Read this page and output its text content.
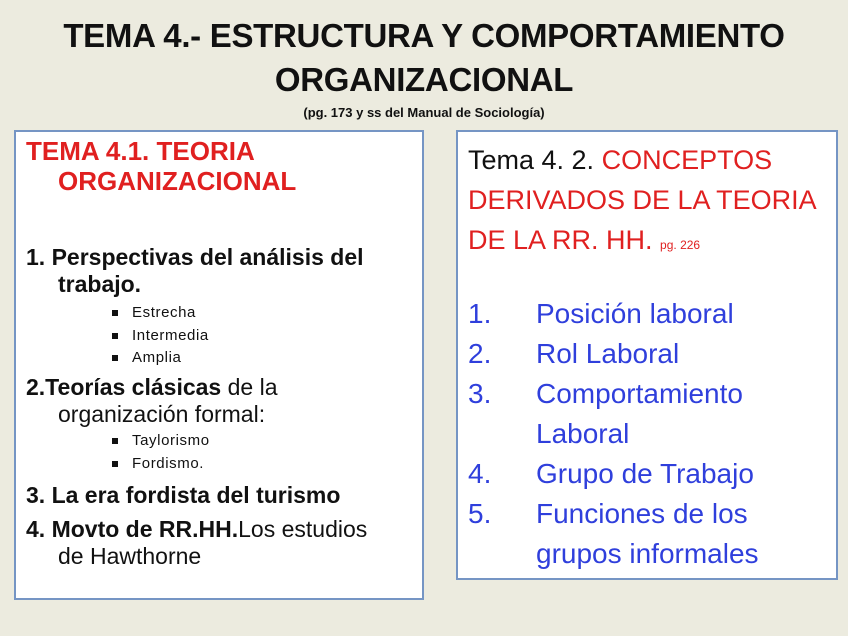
TEMA 4.- ESTRUCTURA Y COMPORTAMIENTO
ORGANIZACIONAL
(pg. 173 y ss del Manual de Sociología)
TEMA 4.1. TEORIA
ORGANIZACIONAL
1. Perspectivas del análisis del
trabajo.
Estrecha
Intermedia
Amplia
2.Teorías clásicas de la
organización formal:
Taylorismo
Fordismo.
3. La era fordista del turismo
4. Movto de RR.HH.Los estudios
de Hawthorne
Tema 4. 2. CONCEPTOS
DERIVADOS DE LA TEORIA
DE LA RR. HH. pg. 226
1. Posición laboral
2. Rol Laboral
3. Comportamiento
Laboral
4. Grupo de Trabajo
5. Funciones de los
grupos informales
